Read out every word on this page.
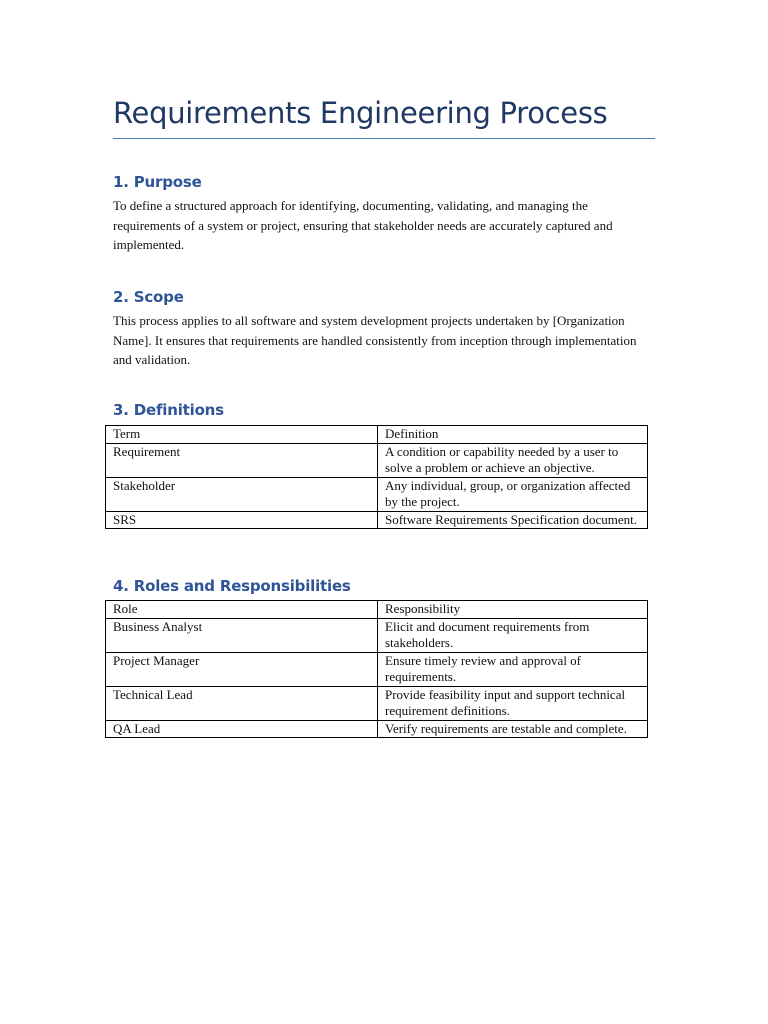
Requirements Engineering Process
1. Purpose

To define a structured approach for identifying, documenting, validating, and managing the requirements of a system or project, ensuring that stakeholder needs are accurately captured and implemented.

2. Scope

This process applies to all software and system development projects undertaken by [Organization Name]. It ensures that requirements are handled consistently from inception through implementation and validation.

3. Definitions
Term	Definition
Requirement	A condition or capability needed by a user to solve a problem or achieve an objective.
Stakeholder	Any individual, group, or organization affected by the project.
SRS	Software Requirements Specification document.
4. Roles and Responsibilities
Role	Responsibility
Business Analyst	Elicit and document requirements from stakeholders.
Project Manager	Ensure timely review and approval of requirements.
Technical Lead	Provide feasibility input and support technical requirement definitions.
QA Lead	Verify requirements are testable and complete.
